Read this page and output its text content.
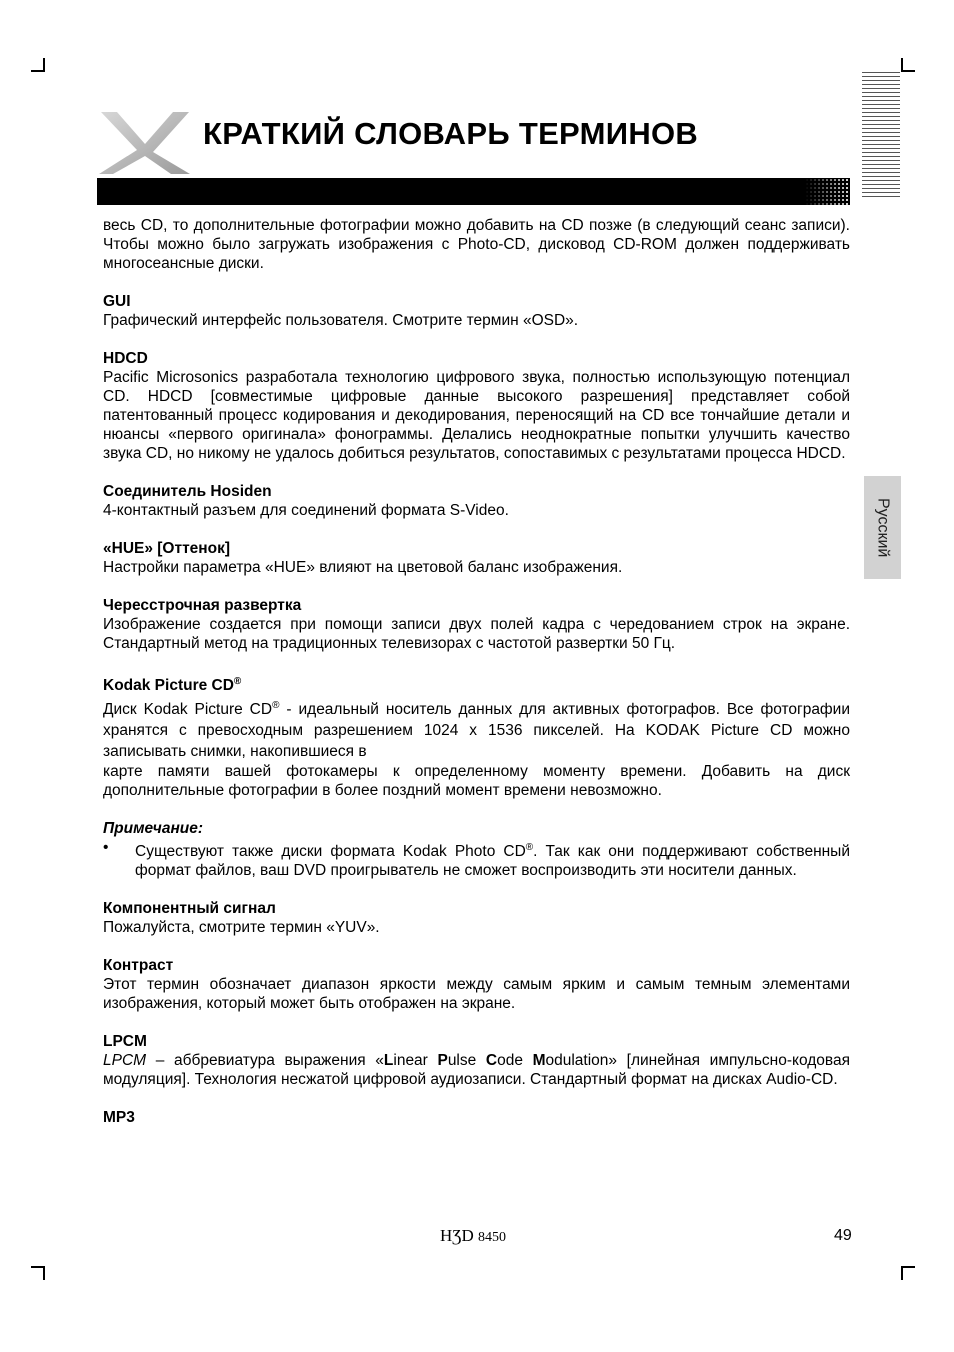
КРАТКИЙ СЛОВАРЬ ТЕРМИНОВ
Русский

весь CD, то дополнительные фотографии можно добавить на CD позже (в следующий сеанс записи). Чтобы можно было загружать изображения с Photo-CD, дисковод CD-ROM должен поддерживать многосеансные диски.

GUI

Графический интерфейс пользователя. Смотрите термин «OSD».

HDCD

Pacific Microsonics разработала технологию цифрового звука, полностью использующую потенциал CD. HDCD [совместимые цифровые данные высокого разрешения] представляет собой патентованный процесс кодирования и декодирования, переносящий на CD все тончайшие детали и нюансы «первого оригинала» фонограммы. Делались неоднократные попытки улучшить качество звука CD, но никому не удалось добиться результатов, сопоставимых с результатами процесса HDCD.

Соединитель Hosiden

4-контактный разъем для соединений формата S-Video.

«HUE» [Оттенок]

Настройки параметра «HUE» влияют на цветовой баланс изображения.

Чересстрочная развертка

Изображение создается при помощи записи двух полей кадра с чередованием строк на экране. Стандартный метод на традиционных телевизорах с частотой развертки 50 Гц.

Kodak Picture CD®

Диск Kodak Picture CD® - идеальный носитель данных для активных фотографов. Все фотографии хранятся с превосходным разрешением 1024 x 1536 пикселей. На KODAK Picture CD можно записывать снимки, накопившиеся в

карте памяти вашей фотокамеры к определенному моменту времени. Добавить на диск дополнительные фотографии в более поздний момент времени невозможно.

Примечание:

•	Существуют также диски формата Kodak Photo CD®. Так как они поддерживают собственный формат файлов, ваш DVD проигрыватель не сможет воспроизводить эти носители данных.

Компонентный сигнал

Пожалуйста, смотрите термин «YUV».

Контраст

Этот термин обозначает диапазон яркости между самым ярким и самым темным элементами изображения, который может быть отображен на экране.

LPCM

LPCM – аббревиатура выражения «Linear Pulse Code Modulation» [линейная импульсно-кодовая модуляция]. Технология несжатой цифровой аудиозаписи. Стандартный формат на дисках Audio-CD.

MP3

HƷD 8450	49
